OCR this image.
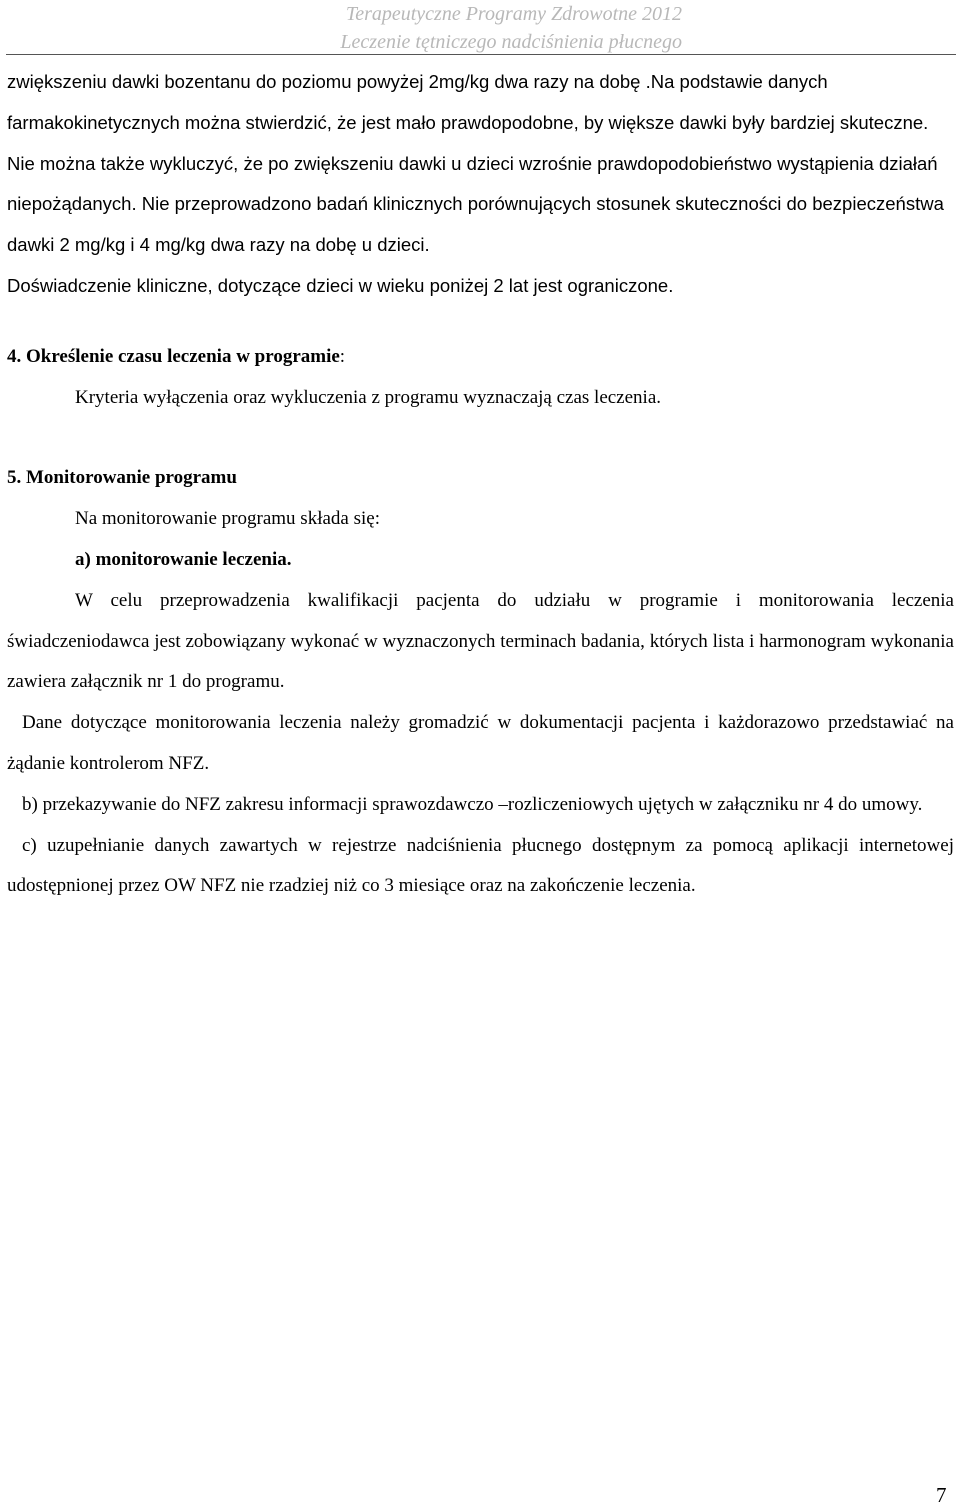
Terapeutyczne Programy Zdrowotne 2012
Leczenie tętniczego nadciśnienia płucnego

zwiększeniu dawki bozentanu do poziomu powyżej 2mg/kg dwa razy na dobę .Na podstawie danych farmakokinetycznych można stwierdzić, że jest mało prawdopodobne, by większe dawki były bardziej skuteczne. Nie można także wykluczyć, że po zwiększeniu dawki u dzieci wzrośnie prawdopodobieństwo wystąpienia działań niepożądanych. Nie przeprowadzono badań klinicznych porównujących stosunek skuteczności do bezpieczeństwa dawki 2 mg/kg i 4 mg/kg dwa razy na dobę u dzieci.

Doświadczenie kliniczne, dotyczące dzieci w wieku poniżej 2 lat jest ograniczone.

4. Określenie czasu leczenia w programie:

Kryteria wyłączenia oraz wykluczenia z programu wyznaczają czas leczenia.

5. Monitorowanie programu

Na monitorowanie programu składa się:

a) monitorowanie leczenia.

W celu przeprowadzenia kwalifikacji pacjenta do udziału w programie i monitorowania leczenia świadczeniodawca jest zobowiązany wykonać w wyznaczonych terminach badania, których lista i harmonogram wykonania zawiera załącznik nr 1 do programu.

Dane dotyczące monitorowania leczenia należy gromadzić w dokumentacji pacjenta i każdorazowo przedstawiać na żądanie kontrolerom NFZ.

b) przekazywanie do NFZ zakresu informacji sprawozdawczo –rozliczeniowych ujętych w załączniku nr 4 do umowy.

c) uzupełnianie danych zawartych w rejestrze nadciśnienia płucnego dostępnym za pomocą aplikacji internetowej udostępnionej przez OW NFZ nie rzadziej niż co 3 miesiące oraz na zakończenie leczenia.

7
